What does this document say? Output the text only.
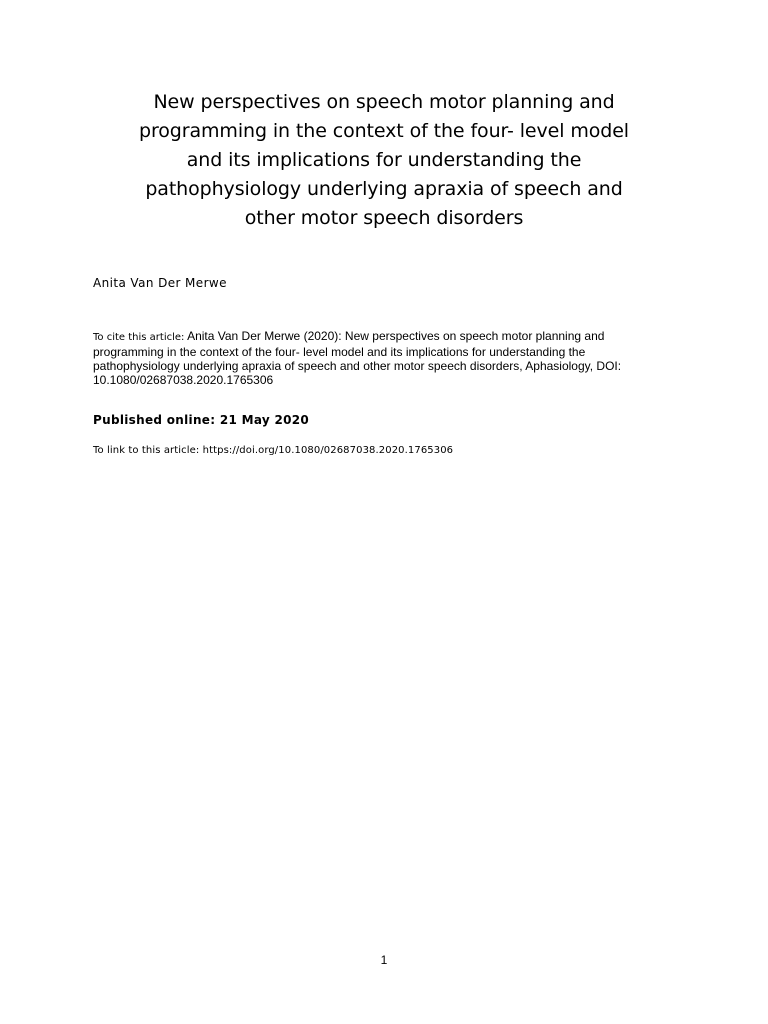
New perspectives on speech motor planning and programming in the context of the four- level model and its implications for understanding the pathophysiology underlying apraxia of speech and other motor speech disorders
Anita Van Der Merwe
To cite this article: Anita Van Der Merwe (2020): New perspectives on speech motor planning and programming in the context of the four- level model and its implications for understanding the pathophysiology underlying apraxia of speech and other motor speech disorders, Aphasiology, DOI: 10.1080/02687038.2020.1765306
Published online: 21 May 2020
To link to this article: https://doi.org/10.1080/02687038.2020.1765306
1
